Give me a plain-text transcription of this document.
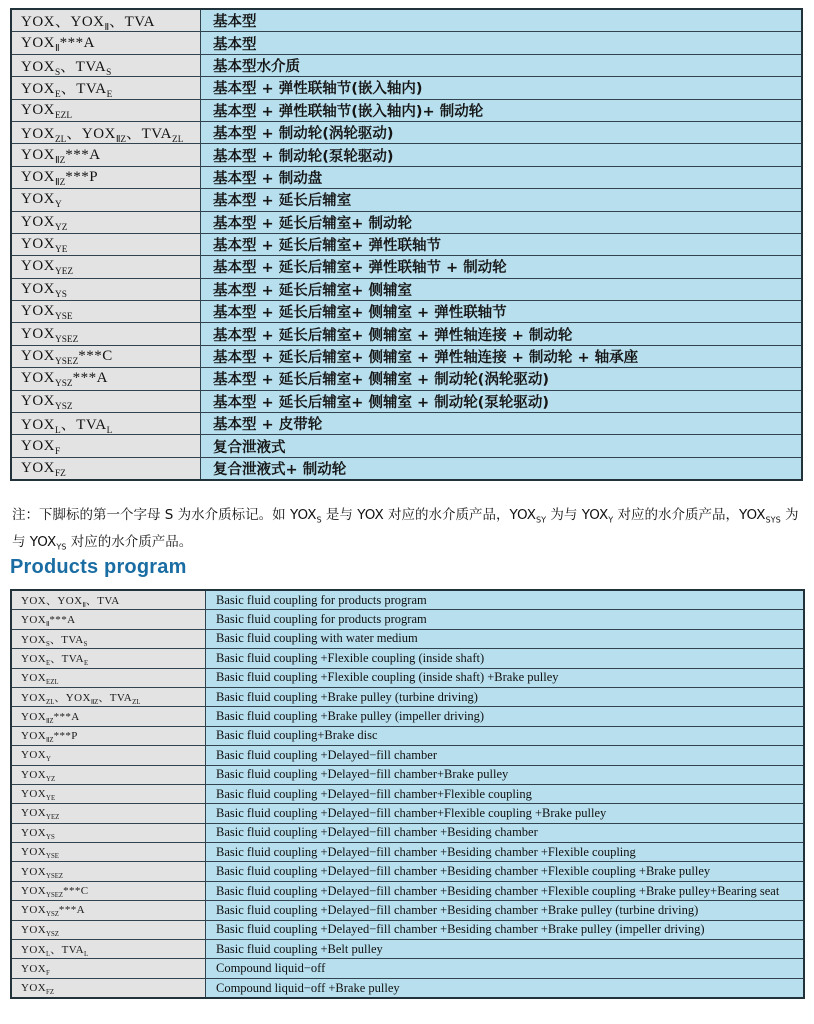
YOX、$YOX_Ⅱ$、TVA	基本型
$YOX_Ⅱ***A$	基本型
$YOX_S$、$TVA_S$	基本型水介质
$YOX_E$、$TVA_E$	基本型 + 弹性联轴节(嵌入轴内)
$YOX_{EZL}$	基本型 + 弹性联轴节(嵌入轴内)+ 制动轮
$YOX_{ZL}$、$YOX_{ⅡZ}$、$TVA_{ZL}$	基本型 + 制动轮(涡轮驱动)
$YOX_{ⅡZ}***A$	基本型 + 制动轮(泵轮驱动)
$YOX_{ⅡZ}***P$	基本型 + 制动盘
$YOX_Y$	基本型 + 延长后辅室
$YOX_{YZ}$	基本型 + 延长后辅室+ 制动轮
$YOX_{YE}$	基本型 + 延长后辅室+ 弹性联轴节
$YOX_{YEZ}$	基本型 + 延长后辅室+ 弹性联轴节 + 制动轮
$YOX_{YS}$	基本型 + 延长后辅室+ 侧辅室
$YOX_{YSE}$	基本型 + 延长后辅室+ 侧辅室 + 弹性联轴节
$YOX_{YSEZ}$	基本型 + 延长后辅室+ 侧辅室 + 弹性轴连接 + 制动轮
$YOX_{YSEZ}***C$	基本型 + 延长后辅室+ 侧辅室 + 弹性轴连接 + 制动轮 + 轴承座
$YOX_{YSZ}***A$	基本型 + 延长后辅室+ 侧辅室 + 制动轮(涡轮驱动)
$YOX_{YSZ}$	基本型 + 延长后辅室+ 侧辅室 + 制动轮(泵轮驱动)
$YOX_L$、$TVA_L$	基本型 + 皮带轮
$YOX_F$	复合泄液式
$YOX_{FZ}$	复合泄液式+ 制动轮

注：下脚标的第一个字母 S 为水介质标记。如 $YOX_S$ 是与 YOX 对应的水介质产品，$YOX_{SY}$ 为与 $YOX_Y$ 对应的水介质产品，$YOX_{SYS}$ 为与 $YOX_{YS}$ 对应的水介质产品。

Products program
YOX、$YOX_Ⅱ$、TVA	Basic fluid coupling for products program
$YOX_Ⅱ***A$	Basic fluid coupling for products program
$YOX_S$、$TVA_S$	Basic fluid coupling with water medium
$YOX_E$、$TVA_E$	Basic fluid coupling +Flexible coupling (inside shaft)
$YOX_{EZL}$	Basic fluid coupling +Flexible coupling (inside shaft) +Brake pulley
$YOX_{ZL}$、$YOX_{ⅡZ}$、$TVA_{ZL}$	Basic fluid coupling +Brake pulley (turbine driving)
$YOX_{ⅡZ}***A$	Basic fluid coupling +Brake pulley (impeller driving)
$YOX_{ⅡZ}***P$	Basic fluid coupling+Brake disc
$YOX_Y$	Basic fluid coupling +Delayed−fill chamber
$YOX_{YZ}$	Basic fluid coupling +Delayed−fill chamber+Brake pulley
$YOX_{YE}$	Basic fluid coupling +Delayed−fill chamber+Flexible coupling
$YOX_{YEZ}$	Basic fluid coupling +Delayed−fill chamber+Flexible coupling +Brake pulley
$YOX_{YS}$	Basic fluid coupling +Delayed−fill chamber +Besiding chamber
$YOX_{YSE}$	Basic fluid coupling +Delayed−fill chamber +Besiding chamber +Flexible coupling
$YOX_{YSEZ}$	Basic fluid coupling +Delayed−fill chamber +Besiding chamber +Flexible coupling +Brake pulley
$YOX_{YSEZ}***C$	Basic fluid coupling +Delayed−fill chamber +Besiding chamber +Flexible coupling +Brake pulley+Bearing seat
$YOX_{YSZ}***A$	Basic fluid coupling +Delayed−fill chamber +Besiding chamber +Brake pulley (turbine driving)
$YOX_{YSZ}$	Basic fluid coupling +Delayed−fill chamber +Besiding chamber +Brake pulley (impeller driving)
$YOX_L$、$TVA_L$	Basic fluid coupling +Belt pulley
$YOX_F$	Compound liquid−off
$YOX_{FZ}$	Compound liquid−off +Brake pulley
